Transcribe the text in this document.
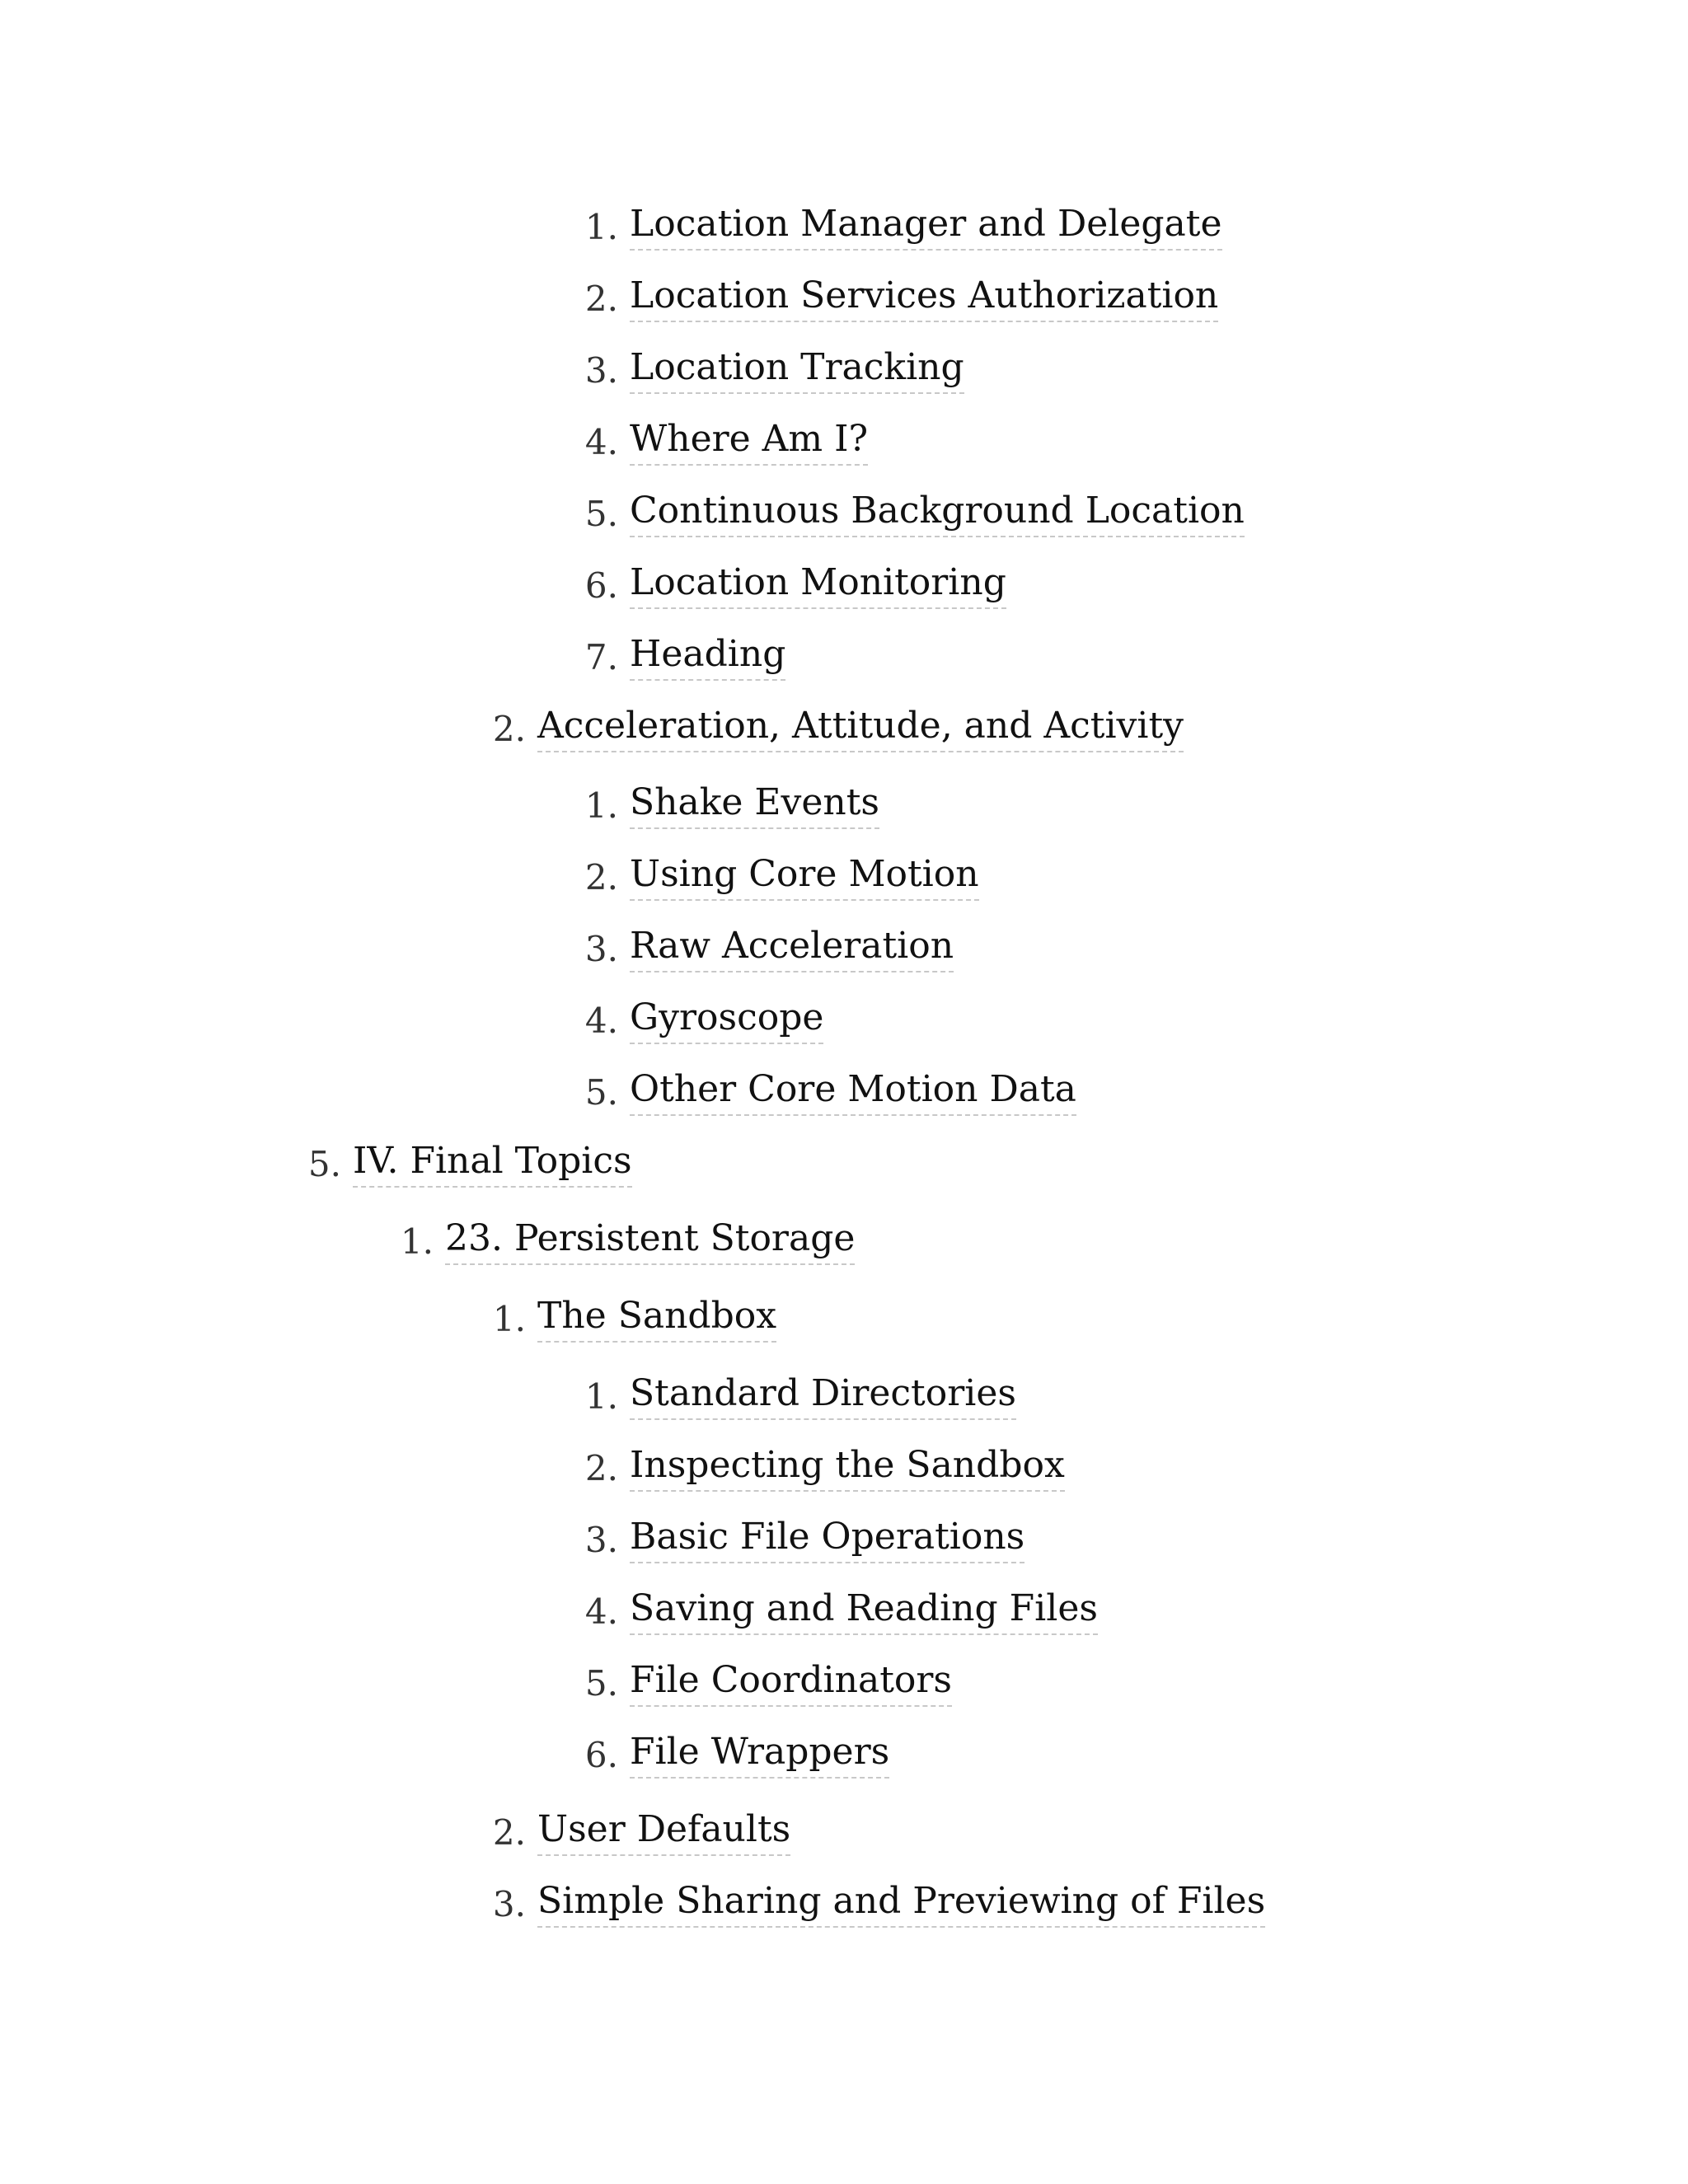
1. Location Manager and Delegate
2. Location Services Authorization
3. Location Tracking
4. Where Am I?
5. Continuous Background Location
6. Location Monitoring
7. Heading
2. Acceleration, Attitude, and Activity
1. Shake Events
2. Using Core Motion
3. Raw Acceleration
4. Gyroscope
5. Other Core Motion Data
5. IV. Final Topics
1. 23. Persistent Storage
1. The Sandbox
1. Standard Directories
2. Inspecting the Sandbox
3. Basic File Operations
4. Saving and Reading Files
5. File Coordinators
6. File Wrappers
2. User Defaults
3. Simple Sharing and Previewing of Files
